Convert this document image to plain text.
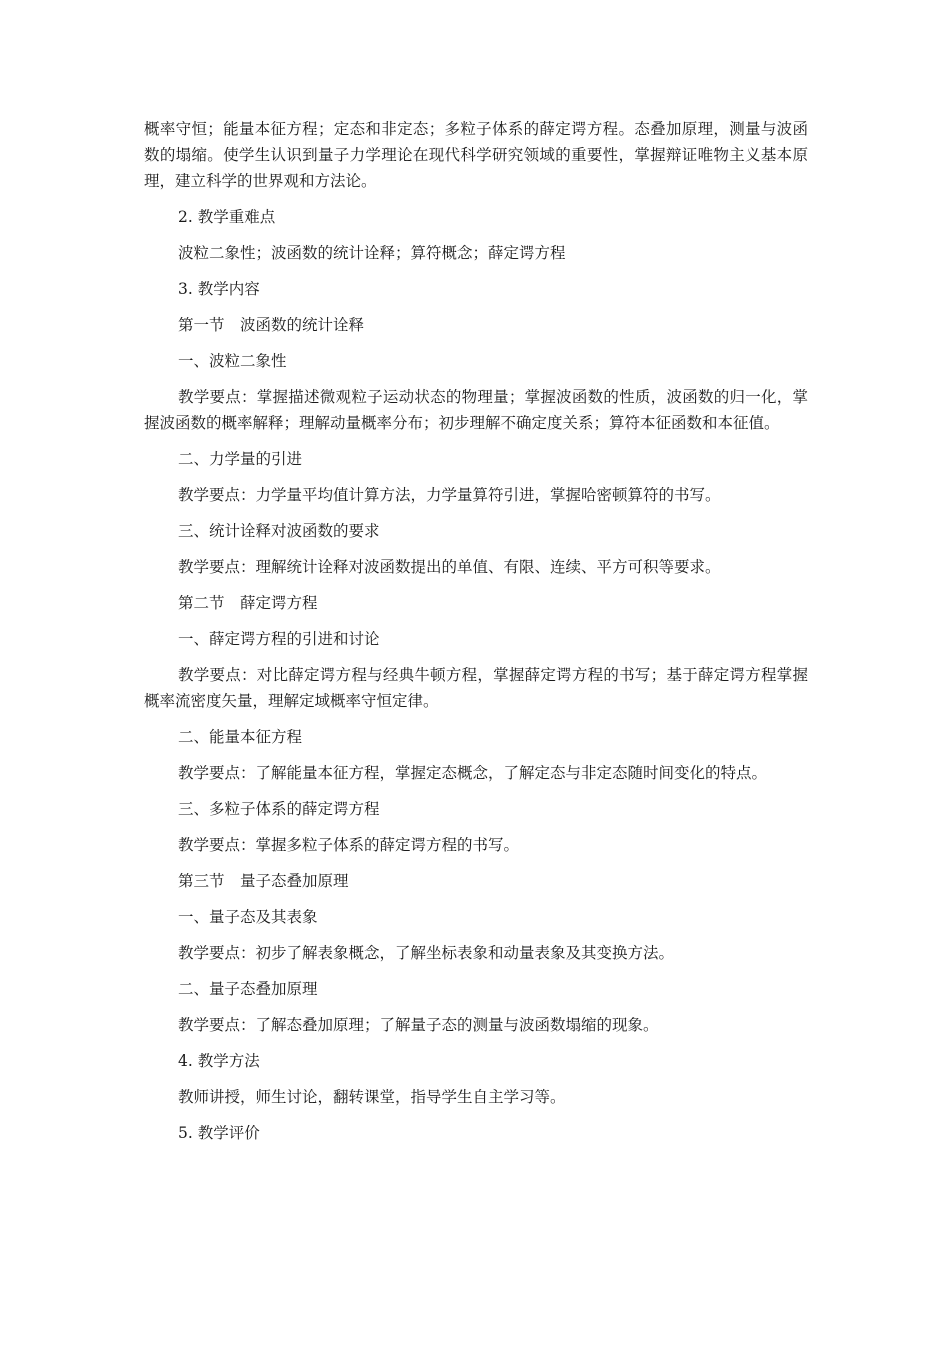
概率守恒；能量本征方程；定态和非定态；多粒子体系的薛定谔方程。态叠加原理，测量与波函数的塌缩。使学生认识到量子力学理论在现代科学研究领域的重要性，掌握辩证唯物主义基本原理，建立科学的世界观和方法论。

2. 教学重难点

波粒二象性；波函数的统计诠释；算符概念；薛定谔方程

3. 教学内容

第一节　波函数的统计诠释

一、波粒二象性

教学要点：掌握描述微观粒子运动状态的物理量；掌握波函数的性质，波函数的归一化，掌握波函数的概率解释；理解动量概率分布；初步理解不确定度关系；算符本征函数和本征值。

二、力学量的引进

教学要点：力学量平均值计算方法，力学量算符引进，掌握哈密顿算符的书写。

三、统计诠释对波函数的要求

教学要点：理解统计诠释对波函数提出的单值、有限、连续、平方可积等要求。

第二节　薛定谔方程

一、薛定谔方程的引进和讨论

教学要点：对比薛定谔方程与经典牛顿方程，掌握薛定谔方程的书写；基于薛定谔方程掌握概率流密度矢量，理解定域概率守恒定律。

二、能量本征方程

教学要点：了解能量本征方程，掌握定态概念，了解定态与非定态随时间变化的特点。

三、多粒子体系的薛定谔方程

教学要点：掌握多粒子体系的薛定谔方程的书写。

第三节　量子态叠加原理

一、量子态及其表象

教学要点：初步了解表象概念，了解坐标表象和动量表象及其变换方法。

二、量子态叠加原理

教学要点：了解态叠加原理；了解量子态的测量与波函数塌缩的现象。

4. 教学方法

教师讲授，师生讨论，翻转课堂，指导学生自主学习等。

5. 教学评价
